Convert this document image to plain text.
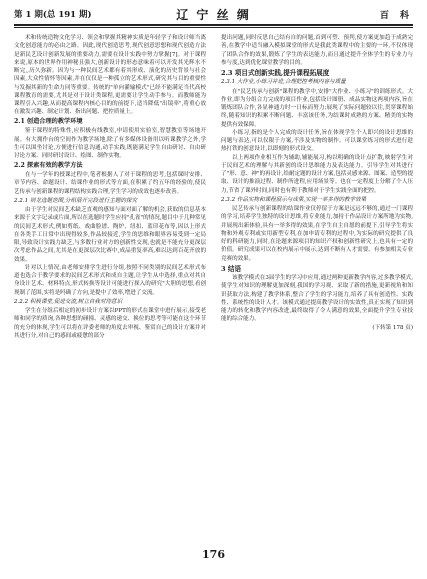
第 1 期(总 191 期)	辽 宁 丝 绸	百 科

术和传统造物文化学习、领会和掌握其精神实质是年轻学子和设计师当离文化创意能力的必由之路。因此,现代创造思考,现代创意思想和现代创造方法是新民艺设计创新发展的重要动力,需要在设计实践中努力掌握[7]。对于课程来说,原本的世界作用神秘且强大,创新设计的形态意味着可以开发其光辉水不断完,,历久弥新。因为与一种民间艺术都有着其形成、演化的历史背景与社会因素,大众性情怀等因素,并在仅仅是一种孤立的艺术形式,研究其与目的重要性与发掘其新的生命力同等重要。传统的"单向灌输模式"已经不能满足当代高校课程教育的需要,尤其是对于设计类课程,更需要让学生动手参与。而教师能为课程引入兴趣,从而提高课程内核心目的的前提下,适当降低"出镜率",将重心放在激发兴趣、制定计划、指出问题、把控质量上。

2.1 创造合理的教学环境

鉴于课程的特殊性,应积极有线教室,申请使用实验室,智慧教室等场地开展。有大拥作台的空间作为教学场地,除了有多媒体设备用以听课教学之外,学生可以围坐讨论,方便进行信息沟通,动手实践,既能满足学生自由研讨、自由研讨论方案、同时研讨设计、绘图、制作实物。

2.2 探索有效的教学方法

在与一学年的授课过程中,笔者根据人了对于课程的思考,包括课时安排、章节内容、命题设计、结课作业的形式等方面,在积累了约五年的经验的,使民艺传承与创新课程的课程结构实践合理,学生学习的成效也逐步改善。

2.2.1 则龙选题范围,分组展开完段进行主题的探究

由于学生对民间艺术缺乏直观的感知与面对面了解的机会,获取的信息基本来源于文字记录或片面,所以在选题时学生应持"孔雀"的情况,题目中于几种常见的民间艺术形式,例如剪纸、戏曲脸谱、陶炉、纽扣、蓝印花布等,因以上形式在各类手工日常中出现得较多,作品较接近,学生的思维和眼界容易受到一定局限,导致设计实践力缺乏,与多数行业对方的创新性交现,也就是不能充分更深层次考虑作品之间,尤其是在更深层次比赛中,成品重复率高,难以达到百花齐放的效果。

针对以上情况,由老师安排学生进行分组,按照不同类别的民间艺术形式布道也选合于教学要求的民间艺术形式和成自主题,让学生从中选择,重点对其自身设计艺术、材料特点,形式转换等设计可能进行探入的研究"大胆的思想,看创现制了范围,实将是吗确了方向,是提中了效率,增进了交流。

2.2.2 积极课堂,促进交流,树立自我对待意识

学生在分组后相定的初步设计方案以PPT的形式在课堂中进行展示,接受老师和同学的质询,各种思想的碰撞、灵感的递交、换位的思考等可能在这个环节的充分的体现,学生可以将在评委老师的角度去审视、鉴赏自己的设计方案并对其进行分,对自己的惑间或疲惫的部分

提出问题,同时反思自己结有自的问题,首到可塑、预判,使方案更加趋于成熟完善,在教学中适当融入模拟课堂的形式是我此类课程中的主要的一环,不仅体现了团队合作的效果,锻炼了学生的表达能力,而且通过提升全体学生的专业力与参与度,达到优化课堂教学的目的。

2.3 项目式创新实践,提升课程拓展度
2.3.1 大作业,小练习并进,合理把控考核内容与质量

在"民艺传承与创新"课程的教学中,安排"大作业、小练习"的训练形式。大作业,即为分组合力完成的项目作业,包括设计图册、成品实物这两项内容,旨在锻炼团队合作,各显神通力时一日标而努力;展现了实际问题较以往,贯穿课程始终,随着知识的积累不断问题、丰富该任务,为结课时成熟的方案、精美的实物提供有效保障。

小练习,指的是个人完成的设计任务,旨在体现学生个人即兴的设计思维的问题与表达,可以仅限于方案,不涉及实物的制作。可以课堂练习的形式进行趁热打铁的创意设计,以即刻的形式设交。

以上两项作业相互作为辅助,辅能展习,构以明确的设计点扩散,映射学生对于民间艺术的理解与其新创的设计思维能力及表达能力。引导学生对其进行了"形、意、神"的再设计,给耐定题的设计方案,包括灵感来源、图案、造型的提取、设计的推演过程、制作所进程,应用场景等。也在一定程度上分解了个人压力,节省了课外时间,同时也有利于教师对于学生实践全面的把控。

2.3.2 作品实物和课程展示与成果,实现一举多得的教学效果

民艺传承与创新课程的结课作业仅停留于方案是远远不够的,通过一门课程的学习,培养学生独特的设计思维,将专业能力,加持于作品设计方案所地为实物,并展现出新体验,具有一举多得的效果,在学生自主自愿的前提下,引导学生将实物和外观专利或实用新型专利,在加申请专利的过程中,为实际的研究提供了良好的科研能力,同时,在论题来源项目的知识产权和创新性研究上,也具有一定的价值。研究成果可以在校内展示中展示,达到不断有人才需要、有参加相关专业竞赛的效果。

3 结语

该教学模式在3届学生的学习中应用,通过两种更新教学内容,过多教学模式,使学生对知识的理解更加深刻,我国的学习观、采取了新的措施,更新视角和知识获取方法,构建了教学体系,整合了学生的学习能力,培养了具有创造性、实践性、系统性的设计人才。该模式通过提高教学设计的实效性,真正实现了知识到能力的转化和教学内容改进,最终取得了令人满意的效果,全面提升学生专业技能的综合能力。

(下转第 178 页)

176
